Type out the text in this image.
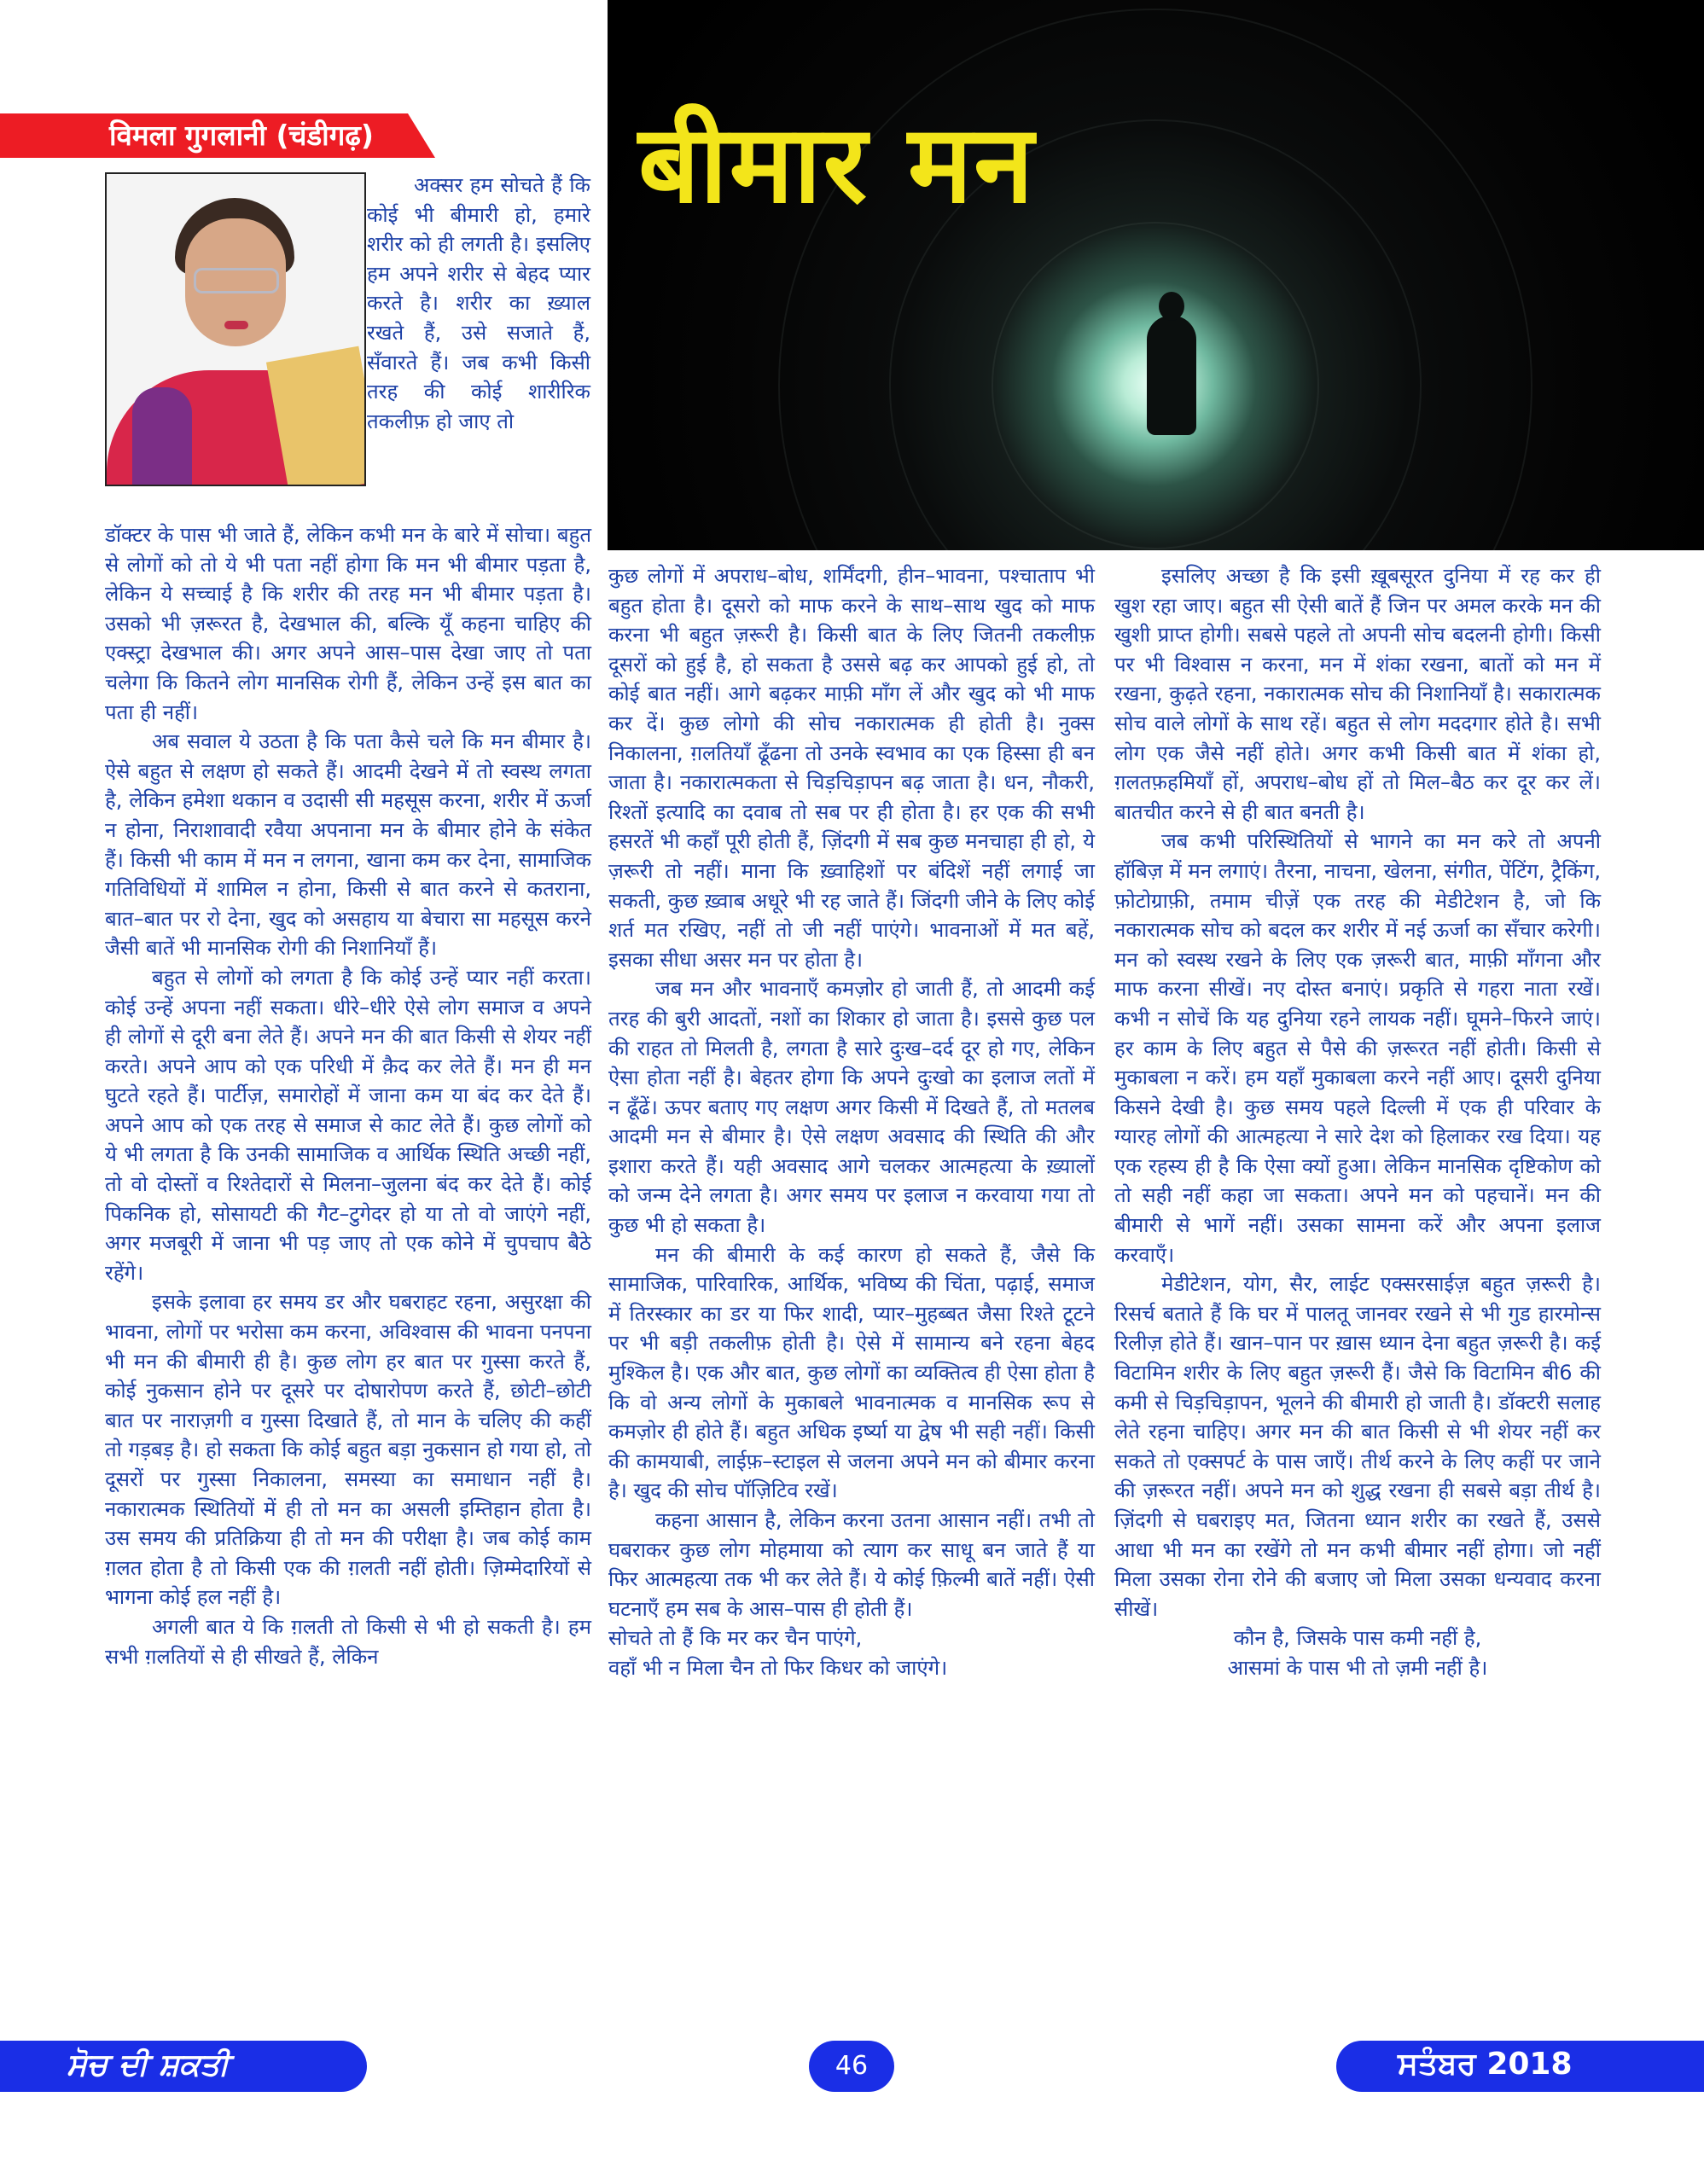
बीमार मन
विमला गुगलानी (चंडीगढ़)

अक्सर हम सोचते हैं कि कोई भी बीमारी हो, हमारे शरीर को ही लगती है। इसलिए हम अपने शरीर से बेहद प्यार करते है। शरीर का ख़्याल रखते हैं, उसे सजाते हैं, सँवारते हैं। जब कभी किसी तरह की कोई शारीरिक तकलीफ़ हो जाए तो

डॉक्टर के पास भी जाते हैं, लेकिन कभी मन के बारे में सोचा। बहुत से लोगों को तो ये भी पता नहीं होगा कि मन भी बीमार पड़ता है, लेकिन ये सच्चाई है कि शरीर की तरह मन भी बीमार पड़ता है। उसको भी ज़रूरत है, देखभाल की, बल्कि यूँ कहना चाहिए की एक्स्ट्रा देखभाल की। अगर अपने आस–पास देखा जाए तो पता चलेगा कि कितने लोग मानसिक रोगी हैं, लेकिन उन्हें इस बात का पता ही नहीं।

अब सवाल ये उठता है कि पता कैसे चले कि मन बीमार है। ऐसे बहुत से लक्षण हो सकते हैं। आदमी देखने में तो स्वस्थ लगता है, लेकिन हमेशा थकान व उदासी सी महसूस करना, शरीर में ऊर्जा न होना, निराशावादी रवैया अपनाना मन के बीमार होने के संकेत हैं। किसी भी काम में मन न लगना, खाना कम कर देना, सामाजिक गतिविधियों में शामिल न होना, किसी से बात करने से कतराना, बात–बात पर रो देना, खुद को असहाय या बेचारा सा महसूस करने जैसी बातें भी मानसिक रोगी की निशानियाँ हैं।

बहुत से लोगों को लगता है कि कोई उन्हें प्यार नहीं करता। कोई उन्हें अपना नहीं सकता। धीरे–धीरे ऐसे लोग समाज व अपने ही लोगों से दूरी बना लेते हैं। अपने मन की बात किसी से शेयर नहीं करते। अपने आप को एक परिधी में क़ैद कर लेते हैं। मन ही मन घुटते रहते हैं। पार्टीज़, समारोहों में जाना कम या बंद कर देते हैं। अपने आप को एक तरह से समाज से काट लेते हैं। कुछ लोगों को ये भी लगता है कि उनकी सामाजिक व आर्थिक स्थिति अच्छी नहीं, तो वो दोस्तों व रिश्तेदारों से मिलना–जुलना बंद कर देते हैं। कोई पिकनिक हो, सोसायटी की गैट–टुगेदर हो या तो वो जाएंगे नहीं, अगर मजबूरी में जाना भी पड़ जाए तो एक कोने में चुपचाप बैठे रहेंगे।

इसके इलावा हर समय डर और घबराहट रहना, असुरक्षा की भावना, लोगों पर भरोसा कम करना, अविश्वास की भावना पनपना भी मन की बीमारी ही है। कुछ लोग हर बात पर गुस्सा करते हैं, कोई नुकसान होने पर दूसरे पर दोषारोपण करते हैं, छोटी–छोटी बात पर नाराज़गी व गुस्सा दिखाते हैं, तो मान के चलिए की कहीं तो गड़बड़ है। हो सकता कि कोई बहुत बड़ा नुकसान हो गया हो, तो दूसरों पर गुस्सा निकालना, समस्या का समाधान नहीं है। नकारात्मक स्थितियों में ही तो मन का असली इम्तिहान होता है। उस समय की प्रतिक्रिया ही तो मन की परीक्षा है। जब कोई काम ग़लत होता है तो किसी एक की ग़लती नहीं होती। ज़िम्मेदारियों से भागना कोई हल नहीं है।

अगली बात ये कि ग़लती तो किसी से भी हो सकती है। हम सभी ग़लतियों से ही सीखते हैं, लेकिन

कुछ लोगों में अपराध–बोध, शर्मिंदगी, हीन–भावना, पश्चाताप भी बहुत होता है। दूसरो को माफ करने के साथ–साथ खुद को माफ करना भी बहुत ज़रूरी है। किसी बात के लिए जितनी तकलीफ़ दूसरों को हुई है, हो सकता है उससे बढ़ कर आपको हुई हो, तो कोई बात नहीं। आगे बढ़कर माफ़ी माँग लें और खुद को भी माफ कर दें। कुछ लोगो की सोच नकारात्मक ही होती है। नुक्स निकालना, ग़लतियाँ ढूँढना तो उनके स्वभाव का एक हिस्सा ही बन जाता है। नकारात्मकता से चिड़चिड़ापन बढ़ जाता है। धन, नौकरी, रिश्तों इत्यादि का दवाब तो सब पर ही होता है। हर एक की सभी हसरतें भी कहाँ पूरी होती हैं, ज़िंदगी में सब कुछ मनचाहा ही हो, ये ज़रूरी तो नहीं। माना कि ख़्वाहिशों पर बंदिशें नहीं लगाई जा सकती, कुछ ख़्वाब अधूरे भी रह जाते हैं। जिंदगी जीने के लिए कोई शर्त मत रखिए, नहीं तो जी नहीं पाएंगे। भावनाओं में मत बहें, इसका सीधा असर मन पर होता है।

जब मन और भावनाएँ कमज़ोर हो जाती हैं, तो आदमी कई तरह की बुरी आदतों, नशों का शिकार हो जाता है। इससे कुछ पल की राहत तो मिलती है, लगता है सारे दुःख–दर्द दूर हो गए, लेकिन ऐसा होता नहीं है। बेहतर होगा कि अपने दुःखो का इलाज लतों में न ढूँढें। ऊपर बताए गए लक्षण अगर किसी में दिखते हैं, तो मतलब आदमी मन से बीमार है। ऐसे लक्षण अवसाद की स्थिति की और इशारा करते हैं। यही अवसाद आगे चलकर आत्महत्या के ख़्यालों को जन्म देने लगता है। अगर समय पर इलाज न करवाया गया तो कुछ भी हो सकता है।

मन की बीमारी के कई कारण हो सकते हैं, जैसे कि सामाजिक, पारिवारिक, आर्थिक, भविष्य की चिंता, पढ़ाई, समाज में तिरस्कार का डर या फिर शादी, प्यार–मुहब्बत जैसा रिश्ते टूटने पर भी बड़ी तकलीफ़ होती है। ऐसे में सामान्य बने रहना बेहद मुश्किल है। एक और बात, कुछ लोगों का व्यक्तित्व ही ऐसा होता है कि वो अन्य लोगों के मुकाबले भावनात्मक व मानसिक रूप से कमज़ोर ही होते हैं। बहुत अधिक इर्ष्या या द्वेष भी सही नहीं। किसी की कामयाबी, लाईफ़–स्टाइल से जलना अपने मन को बीमार करना है। खुद की सोच पॉज़िटिव रखें।

कहना आसान है, लेकिन करना उतना आसान नहीं। तभी तो घबराकर कुछ लोग मोहमाया को त्याग कर साधू बन जाते हैं या फिर आत्महत्या तक भी कर लेते हैं। ये कोई फ़िल्मी बातें नहीं। ऐसी घटनाएँ हम सब के आस–पास ही होती हैं।

सोचते तो हैं कि मर कर चैन पाएंगे,
वहाँ भी न मिला चैन तो फिर किधर को जाएंगे।

इसलिए अच्छा है कि इसी ख़ूबसूरत दुनिया में रह कर ही खुश रहा जाए। बहुत सी ऐसी बातें हैं जिन पर अमल करके मन की खुशी प्राप्त होगी। सबसे पहले तो अपनी सोच बदलनी होगी। किसी पर भी विश्वास न करना, मन में शंका रखना, बातों को मन में रखना, कुढ़ते रहना, नकारात्मक सोच की निशानियाँ है। सकारात्मक सोच वाले लोगों के साथ रहें। बहुत से लोग मददगार होते है। सभी लोग एक जैसे नहीं होते। अगर कभी किसी बात में शंका हो, ग़लतफ़हमियाँ हों, अपराध–बोध हों तो मिल–बैठ कर दूर कर लें। बातचीत करने से ही बात बनती है।

जब कभी परिस्थितियों से भागने का मन करे तो अपनी हॉबिज़ में मन लगाएं। तैरना, नाचना, खेलना, संगीत, पेंटिंग, ट्रैकिंग, फ़ोटोग्राफ़ी, तमाम चीज़ें एक तरह की मेडीटेशन है, जो कि नकारात्मक सोच को बदल कर शरीर में नई ऊर्जा का सँचार करेगी। मन को स्वस्थ रखने के लिए एक ज़रूरी बात, माफ़ी माँगना और माफ करना सीखें। नए दोस्त बनाएं। प्रकृति से गहरा नाता रखें। कभी न सोचें कि यह दुनिया रहने लायक नहीं। घूमने–फिरने जाएं। हर काम के लिए बहुत से पैसे की ज़रूरत नहीं होती। किसी से मुकाबला न करें। हम यहाँ मुकाबला करने नहीं आए। दूसरी दुनिया किसने देखी है। कुछ समय पहले दिल्ली में एक ही परिवार के ग्यारह लोगों की आत्महत्या ने सारे देश को हिलाकर रख दिया। यह एक रहस्य ही है कि ऐसा क्यों हुआ। लेकिन मानसिक दृष्टिकोण को तो सही नहीं कहा जा सकता। अपने मन को पहचानें। मन की बीमारी से भागें नहीं। उसका सामना करें और अपना इलाज करवाएँ।

मेडीटेशन, योग, सैर, लाईट एक्सरसाईज़ बहुत ज़रूरी है। रिसर्च बताते हैं कि घर में पालतू जानवर रखने से भी गुड हारमोन्स रिलीज़ होते हैं। खान–पान पर ख़ास ध्यान देना बहुत ज़रूरी है। कई विटामिन शरीर के लिए बहुत ज़रूरी हैं। जैसे कि विटामिन बी6 की कमी से चिड़चिड़ापन, भूलने की बीमारी हो जाती है। डॉक्टरी सलाह लेते रहना चाहिए। अगर मन की बात किसी से भी शेयर नहीं कर सकते तो एक्सपर्ट के पास जाएँ। तीर्थ करने के लिए कहीं पर जाने की ज़रूरत नहीं। अपने मन को शुद्ध रखना ही सबसे बड़ा तीर्थ है। ज़िंदगी से घबराइए मत, जितना ध्यान शरीर का रखते हैं, उससे आधा भी मन का रखेंगे तो मन कभी बीमार नहीं होगा। जो नहीं मिला उसका रोना रोने की बजाए जो मिला उसका धन्यवाद करना सीखें।

कौन है, जिसके पास कमी नहीं है,
आसमां के पास भी तो ज़मी नहीं है।
ਸੋਚ ਦੀ ਸ਼ਕਤੀ	46	ਸਤੰਬਰ 2018
